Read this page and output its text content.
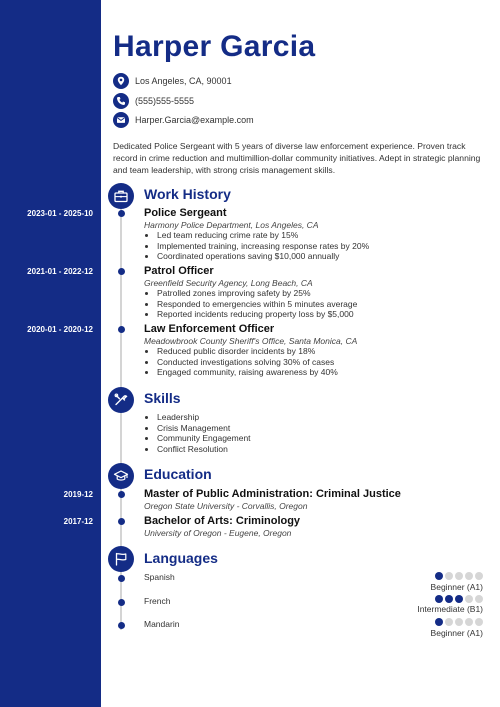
Harper Garcia
Los Angeles, CA, 90001
(555)555-5555
Harper.Garcia@example.com
Dedicated Police Sergeant with 5 years of diverse law enforcement experience. Proven track record in crime reduction and multimillion-dollar community initiatives. Adept in strategic planning and team leadership, with strong crisis management skills.
Work History
2023-01 - 2025-10	Police Sergeant
Harmony Police Department, Los Angeles, CA
• Led team reducing crime rate by 15%
• Implemented training, increasing response rates by 20%
• Coordinated operations saving $10,000 annually
2021-01 - 2022-12	Patrol Officer
Greenfield Security Agency, Long Beach, CA
• Patrolled zones improving safety by 25%
• Responded to emergencies within 5 minutes average
• Reported incidents reducing property loss by $5,000
2020-01 - 2020-12	Law Enforcement Officer
Meadowbrook County Sheriff's Office, Santa Monica, CA
• Reduced public disorder incidents by 18%
• Conducted investigations solving 30% of cases
• Engaged community, raising awareness by 40%
Skills
• Leadership
• Crisis Management
• Community Engagement
• Conflict Resolution
Education
2019-12	Master of Public Administration: Criminal Justice
Oregon State University - Corvallis, Oregon
2017-12	Bachelor of Arts: Criminology
University of Oregon - Eugene, Oregon
Languages
Spanish
Beginner (A1)
French
Intermediate (B1)
Mandarin
Beginner (A1)
